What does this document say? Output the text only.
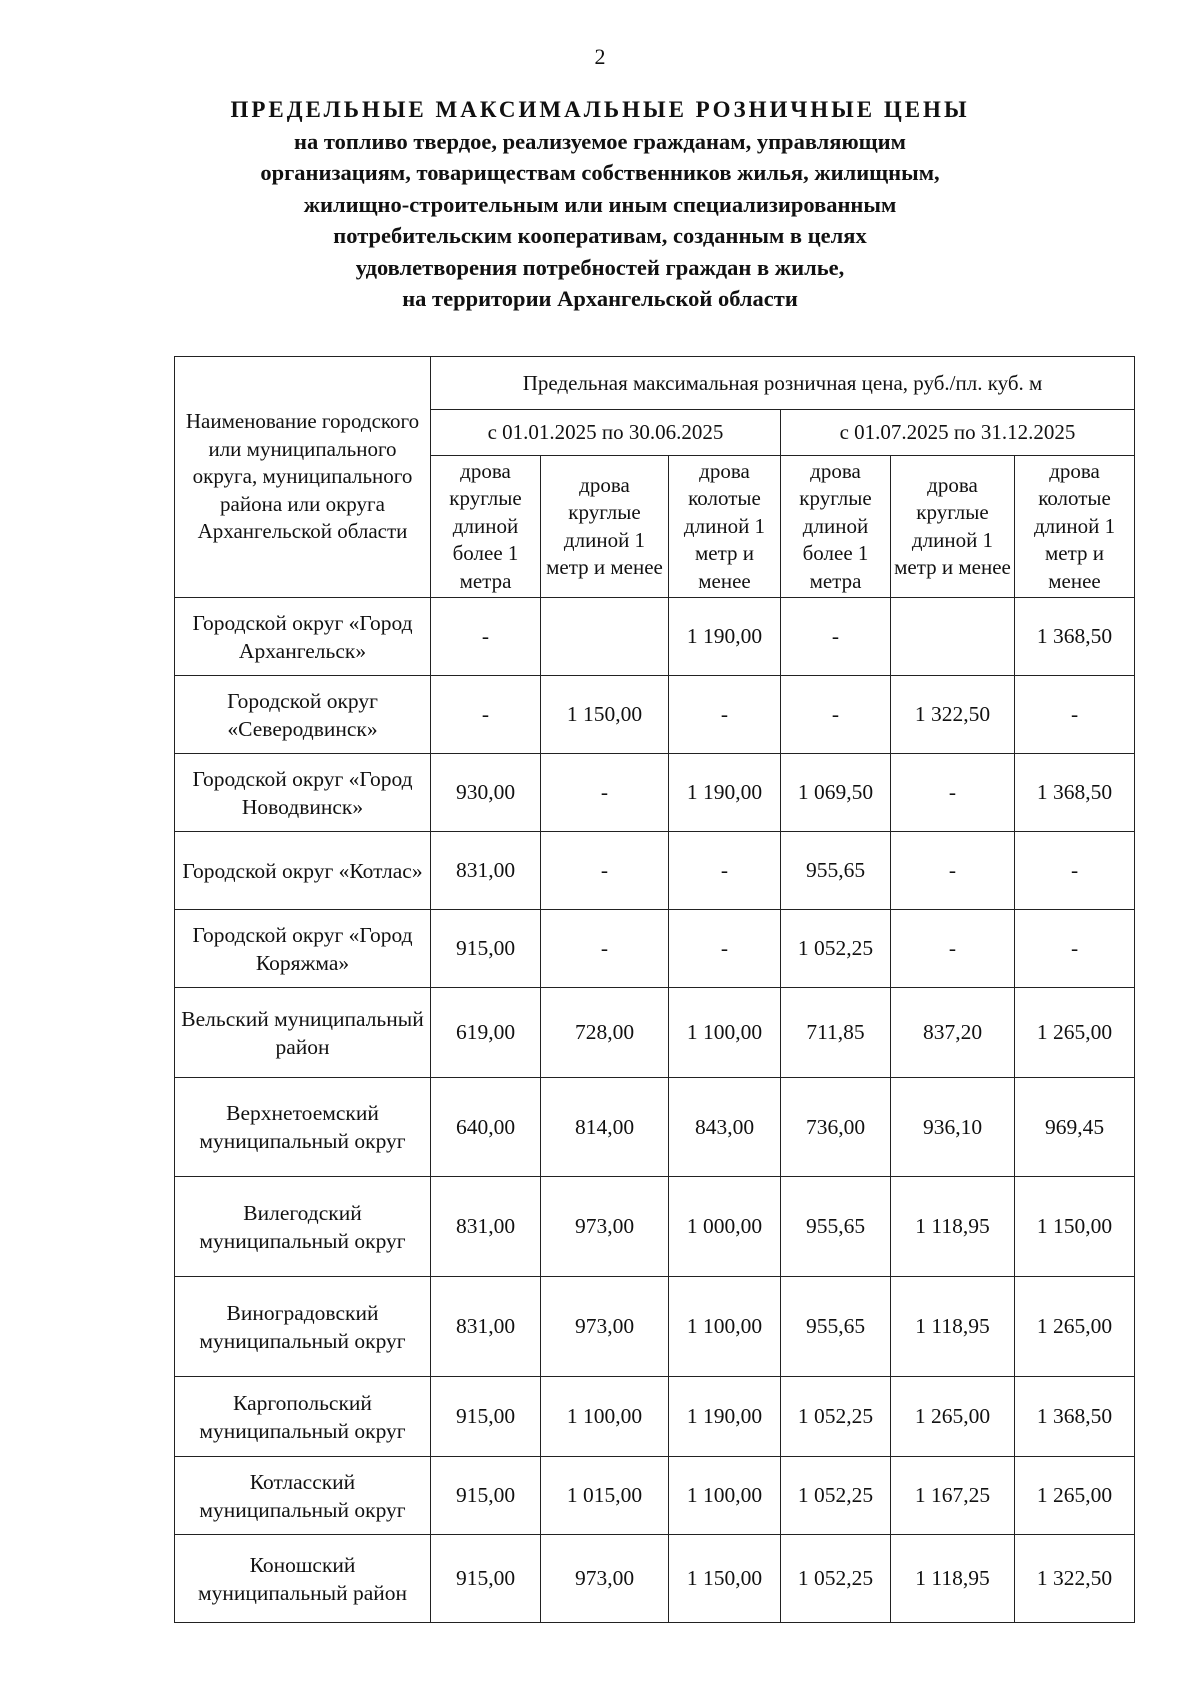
2
ПРЕДЕЛЬНЫЕ МАКСИМАЛЬНЫЕ РОЗНИЧНЫЕ ЦЕНЫ
на топливо твердое, реализуемое гражданам, управляющим
организациям, товариществам собственников жилья, жилищным,
жилищно-строительным или иным специализированным
потребительским кооперативам, созданным в целях
удовлетворения потребностей граждан в жилье,
на территории Архангельской области
Наименование городского или муниципального округа, муниципального района или округа Архангельской области	Предельная максимальная розничная цена, руб./пл. куб. м					
	с 01.01.2025 по 30.06.2025			с 01.07.2025 по 31.12.2025		
	дрова круглые длиной более 1 метра	дрова круглые длиной 1 метр и менее	дрова колотые длиной 1 метр и менее	дрова круглые длиной более 1 метра	дрова круглые длиной 1 метр и менее	дрова колотые длиной 1 метр и менее
Городской округ «Город Архангельск»	-		1 190,00	-		1 368,50
Городской округ «Северодвинск»	-	1 150,00	-	-	1 322,50	-
Городской округ «Город Новодвинск»	930,00	-	1 190,00	1 069,50	-	1 368,50
Городской округ «Котлас»	831,00	-	-	955,65	-	-
Городской округ «Город Коряжма»	915,00	-	-	1 052,25	-	-
Вельский муниципальный район	619,00	728,00	1 100,00	711,85	837,20	1 265,00
Верхнетоемский муниципальный округ	640,00	814,00	843,00	736,00	936,10	969,45
Вилегодский муниципальный округ	831,00	973,00	1 000,00	955,65	1 118,95	1 150,00
Виноградовский муниципальный округ	831,00	973,00	1 100,00	955,65	1 118,95	1 265,00
Каргопольский муниципальный округ	915,00	1 100,00	1 190,00	1 052,25	1 265,00	1 368,50
Котласский муниципальный округ	915,00	1 015,00	1 100,00	1 052,25	1 167,25	1 265,00
Коношский муниципальный район	915,00	973,00	1 150,00	1 052,25	1 118,95	1 322,50
